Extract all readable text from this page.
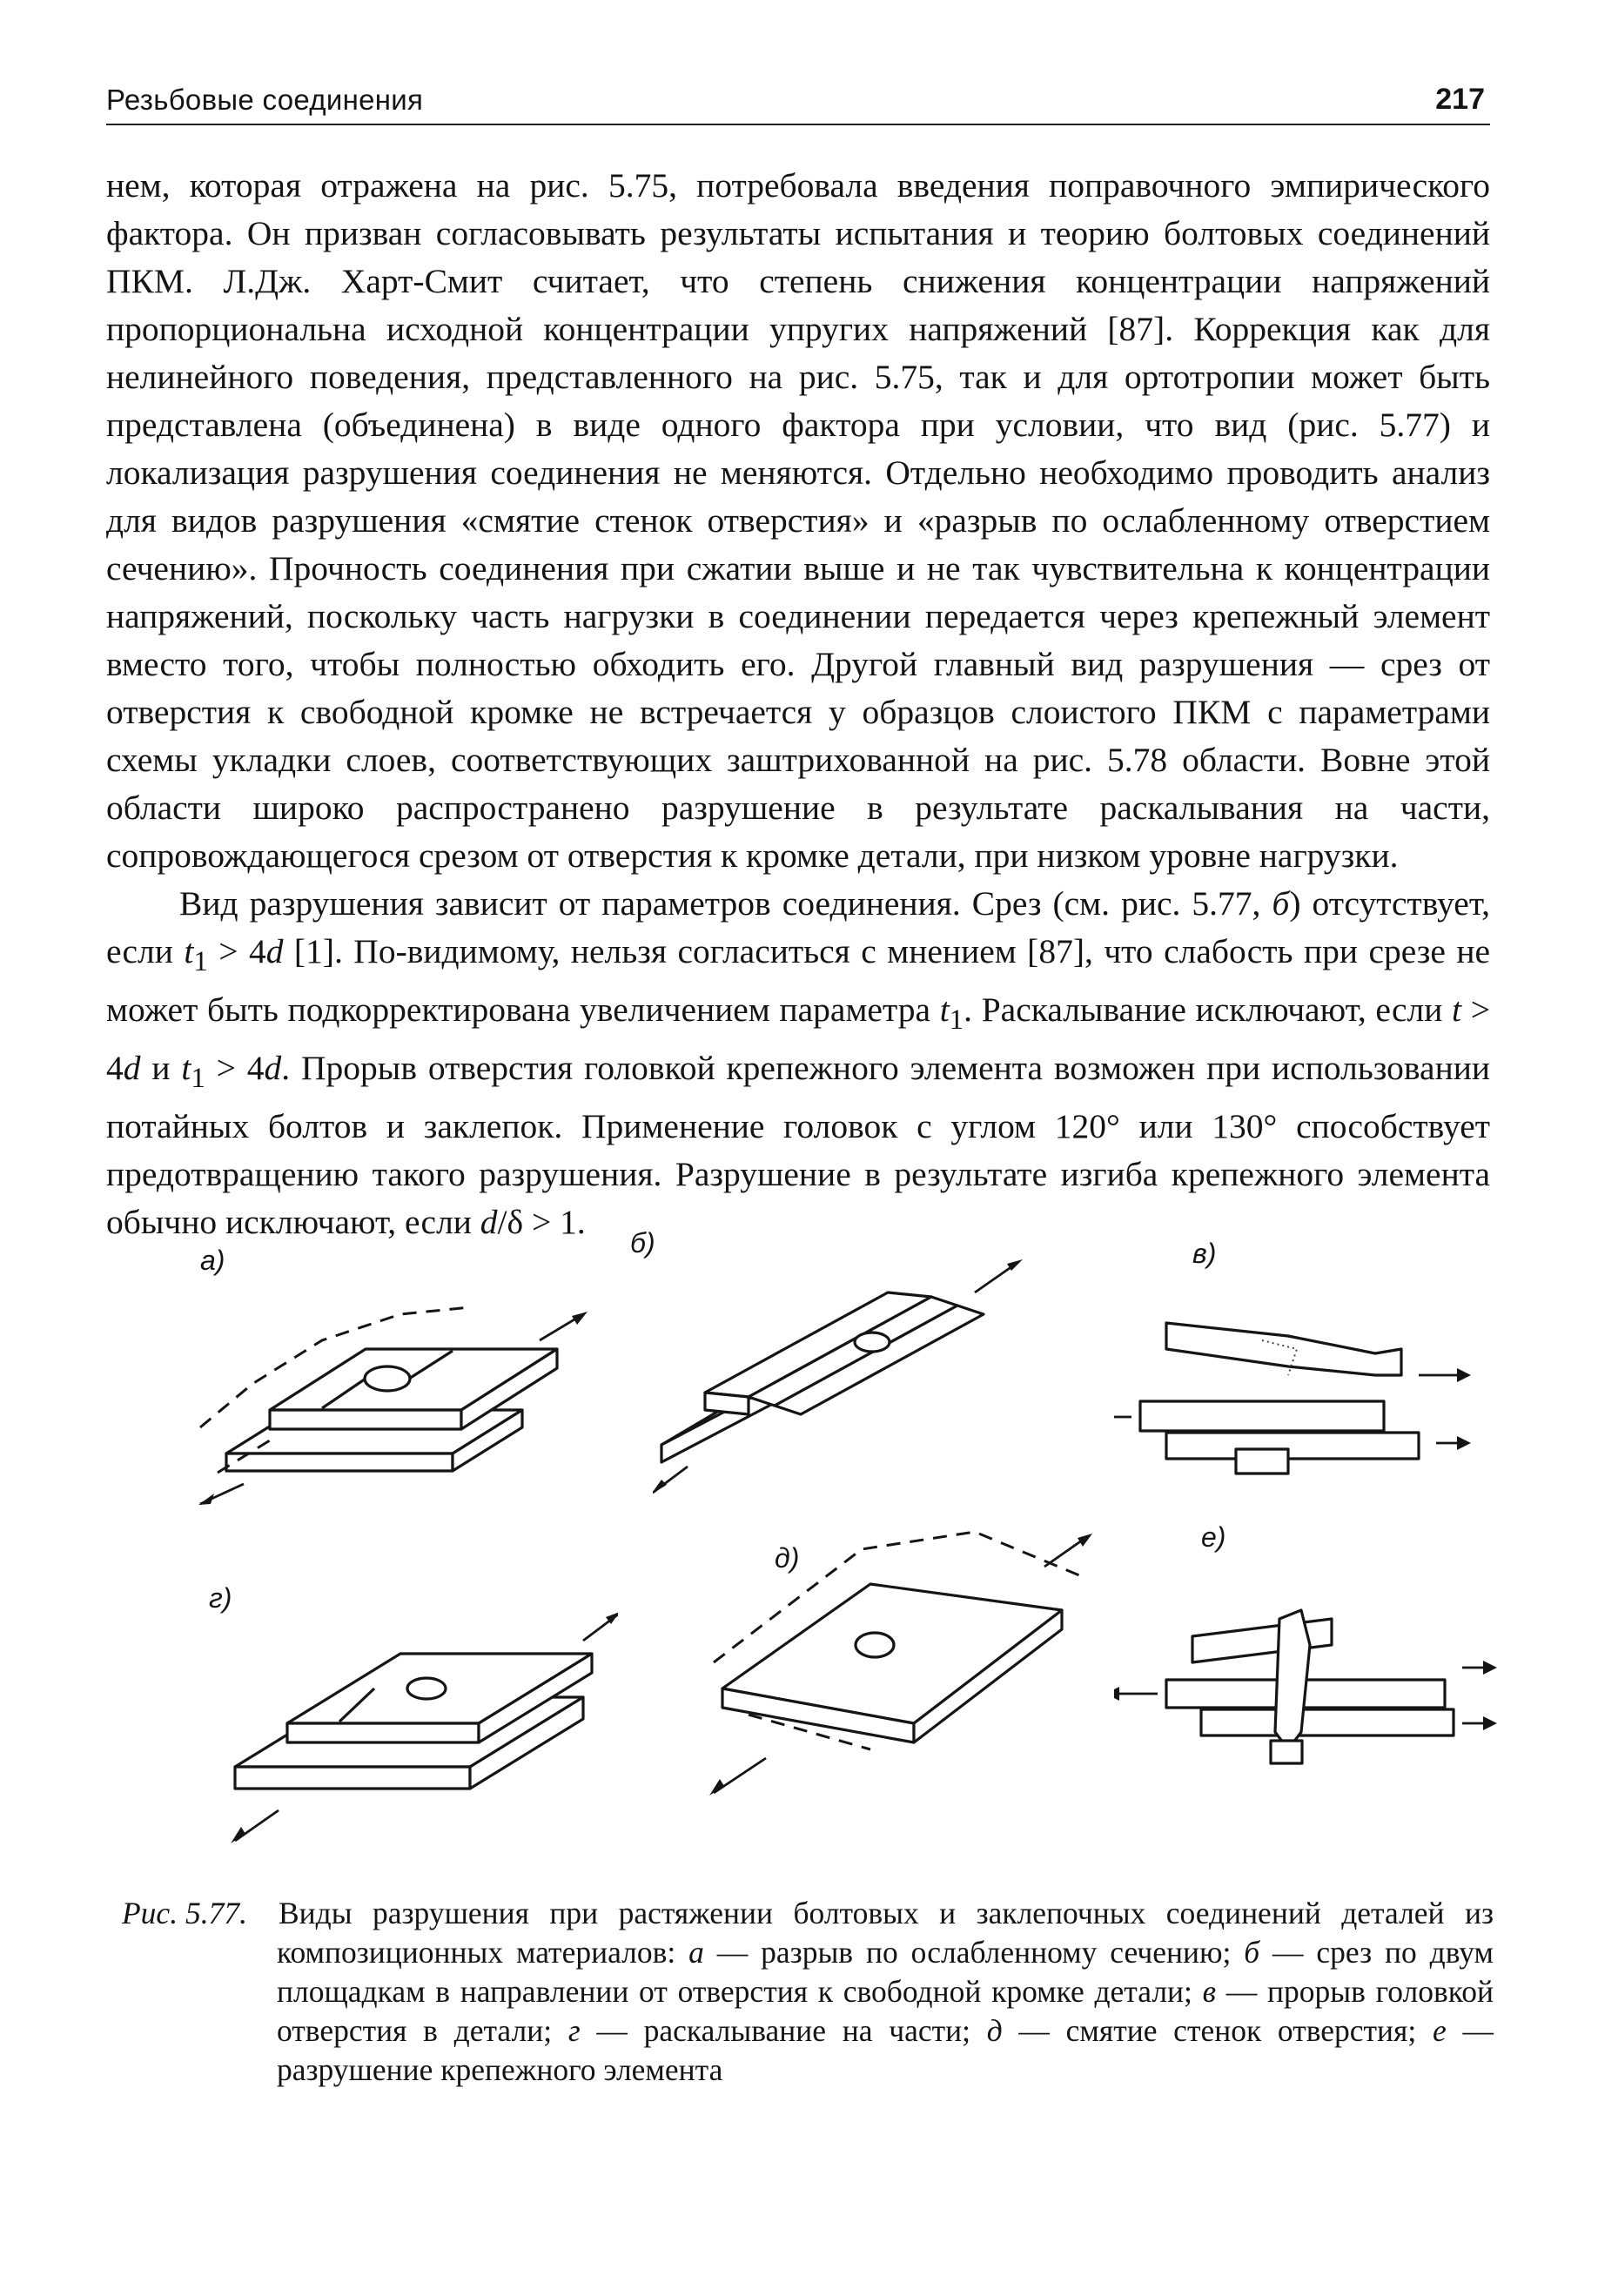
Резьбовые соединения	217

нем, которая отражена на рис. 5.75, потребовала введения поправочного эмпирического фактора. Он призван согласовывать результаты испытания и теорию болтовых соединений ПКМ. Л.Дж. Харт-Смит считает, что степень снижения концентрации напряжений пропорциональна исходной концентрации упругих напряжений [87]. Коррекция как для нелинейного поведения, представленного на рис. 5.75, так и для ортотропии может быть представлена (объединена) в виде одного фактора при условии, что вид (рис. 5.77) и локализация разрушения соединения не меняются. Отдельно необходимо проводить анализ для видов разрушения «смятие стенок отверстия» и «разрыв по ослабленному отверстием сечению». Прочность соединения при сжатии выше и не так чувствительна к концентрации напряжений, поскольку часть нагрузки в соединении передается через крепежный элемент вместо того, чтобы полностью обходить его. Другой главный вид разрушения — срез от отверстия к свободной кромке не встречается у образцов слоистого ПКМ с параметрами схемы укладки слоев, соответствующих заштрихованной на рис. 5.78 области. Вовне этой области широко распространено разрушение в результате раскалывания на части, сопровождающегося срезом от отверстия к кромке детали, при низком уровне нагрузки.

Вид разрушения зависит от параметров соединения. Срез (см. рис. 5.77, б) отсутствует, если $t_1 > 4d$ [1]. По-видимому, нельзя согласиться с мнением [87], что слабость при срезе не может быть подкорректирована увеличением параметра $t_1$. Раскалывание исключают, если t > 4d и $t_1 > 4d$. Прорыв отверстия головкой крепежного элемента возможен при использовании потайных болтов и заклепок. Применение головок с углом 120° или 130° способствует предотвращению такого разрушения. Разрушение в результате изгиба крепежного элемента обычно исключают, если d/δ > 1.

а)
б)	в)
г)
д)
е)
Рис. 5.77.	Виды разрушения при растяжении болтовых и заклепочных соединений деталей из композиционных материалов: а — разрыв по ослабленному сечению; б — срез по двум площадкам в направлении от отверстия к свободной кромке детали; в — прорыв головкой отверстия в детали; г — раскалывание на части; д — смятие стенок отверстия; е — разрушение крепежного элемента
